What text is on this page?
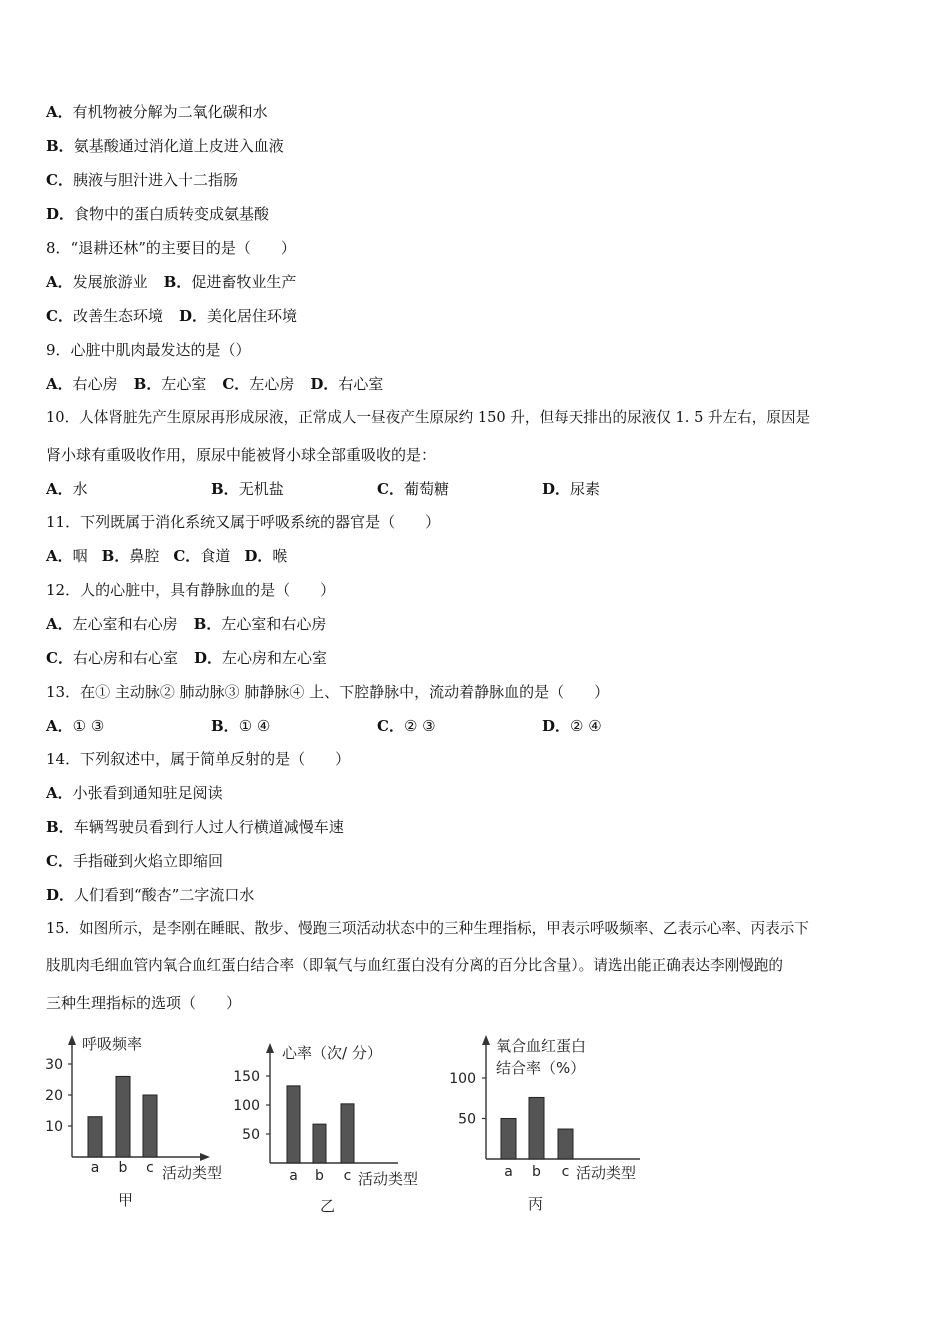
A．有机物被分解为二氧化碳和水
B．氨基酸通过消化道上皮进入血液
C．胰液与胆汁进入十二指肠
D．食物中的蛋白质转变成氨基酸
8．“退耕还林”的主要目的是（　　）
A．发展旅游业 B．促进畜牧业生产
C．改善生态环境 D．美化居住环境
9．心脏中肌肉最发达的是（）
A．右心房 B．左心室 C．左心房 D．右心室
10．人体肾脏先产生原尿再形成尿液，正常成人一昼夜产生原尿约 150 升，但每天排出的尿液仅 1. 5 升左右，原因是
肾小球有重吸收作用，原尿中能被肾小球全部重吸收的是：
A．水	B．无机盐	C．葡萄糖	D．尿素
11．下列既属于消化系统又属于呼吸系统的器官是（　　）
A．咽 B．鼻腔 C．食道 D．喉
12．人的心脏中，具有静脉血的是（　　）
A．左心室和右心房 B．左心室和右心房
C．右心房和右心室 D．左心房和左心室
13．在① 主动脉② 肺动脉③ 肺静脉④ 上、下腔静脉中，流动着静脉血的是（　　）
A．① ③	B．① ④	C．② ③	D．② ④
14．下列叙述中，属于简单反射的是（　　）
A．小张看到通知驻足阅读
B．车辆驾驶员看到行人过人行横道减慢车速
C．手指碰到火焰立即缩回
D．人们看到“酸杏”二字流口水
15．如图所示，是李刚在睡眠、散步、慢跑三项活动状态中的三种生理指标，甲表示呼吸频率、乙表示心率、丙表示下
肢肌肉毛细血管内氧合血红蛋白结合率（即氧气与血红蛋白没有分离的百分比含量）。请选出能正确表达李刚慢跑的
三种生理指标的选项（　　）
呼吸频率
10
20
30
a b c 活动类型
甲
心率（次/ 分）
50
100
150
a b c 活动类型
乙
氧合血红蛋白
结合率（%）
50
100
a b c 活动类型
丙
